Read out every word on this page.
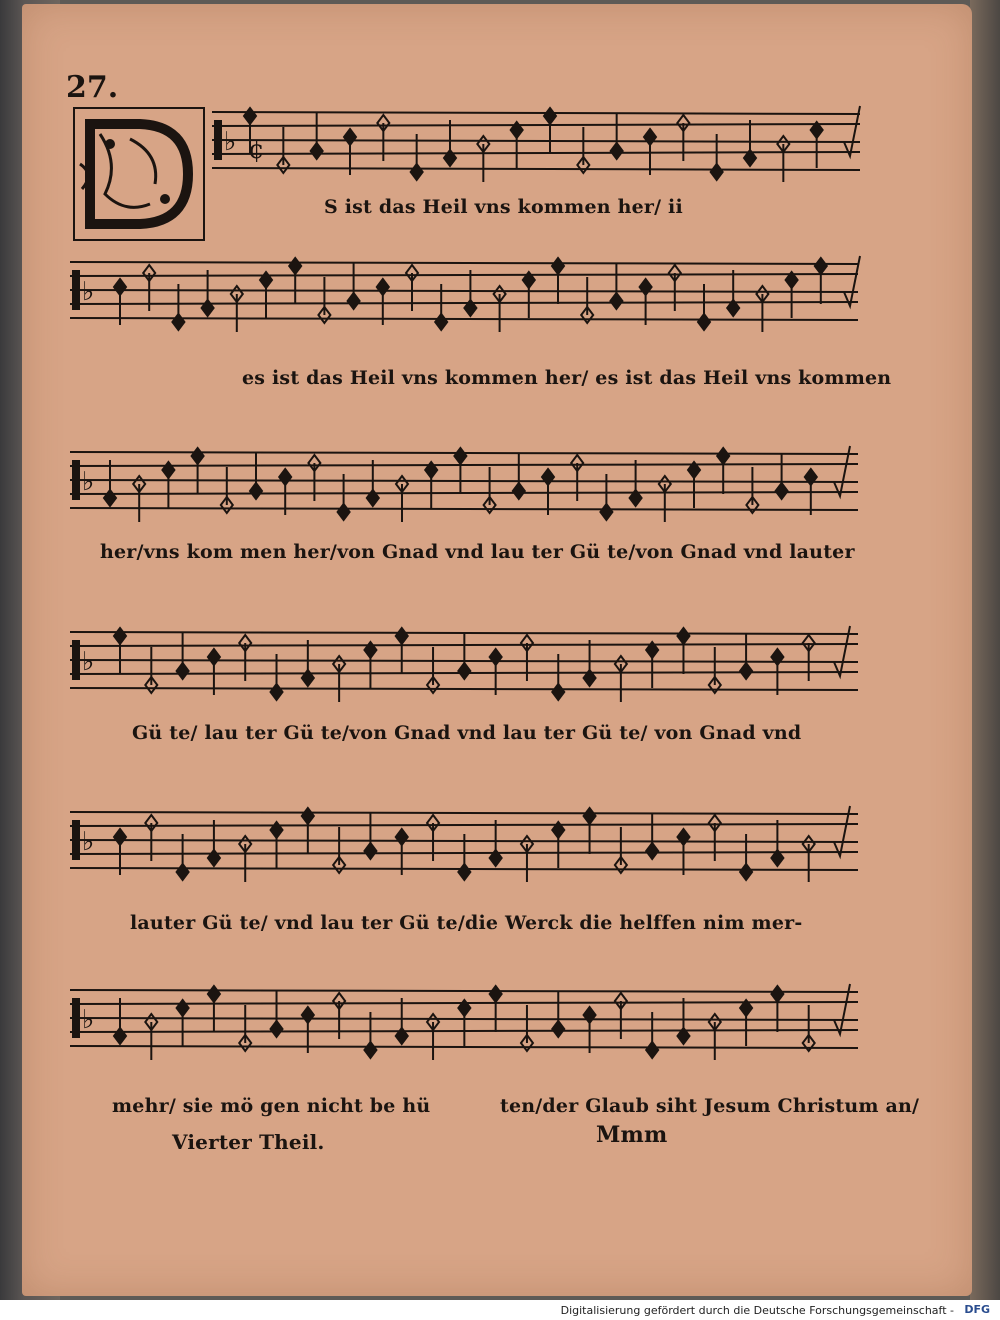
27.
♭ ¢
♭
♭
♭
♭
♭
S ist das Heil vns kommen her/ ii
es ist das Heil vns kommen her/ es ist das Heil vns kommen
her/vns kom men her/von Gnad vnd lau ter Gü te/von Gnad vnd lauter
Gü te/ lau ter Gü te/von Gnad vnd lau ter Gü te/ von Gnad vnd
lauter Gü te/ vnd lau ter Gü te/die Werck die helffen nim mer-
mehr/ sie mö gen nicht be hü	ten/der Glaub siht Jesum Christum an/
Vierter Theil.	Mmm
Digitalisierung gefördert durch die Deutsche Forschungsgemeinschaft - DFG
